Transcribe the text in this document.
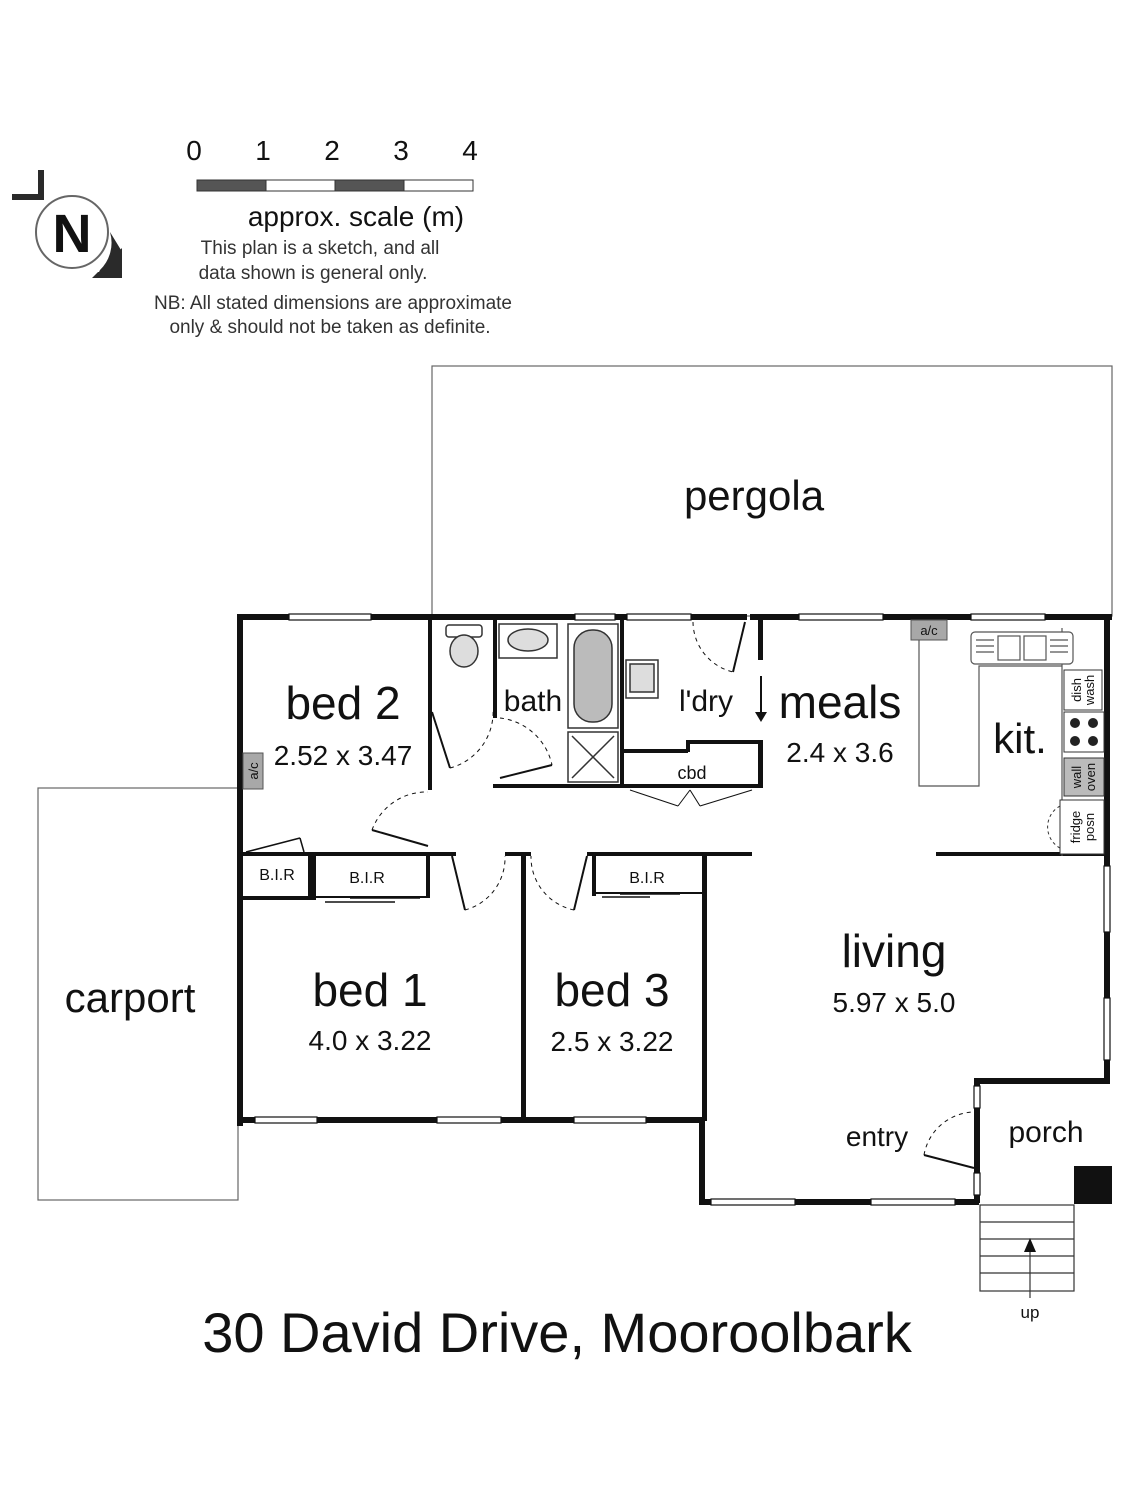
0 1 2 3 4
approx. scale (m)
This plan is a sketch, and all
data shown is general only.
NB: All stated dimensions are approximate
only & should not be taken as definite.
N
dish
wash
wall oven
fridge posn
a/c
a/c
pergola
bed 2
2.52 x 3.47
bath	l'dry
cbd
meals
2.4 x 3.6 kit.
B.I.R	B.I.R	B.I.R
carport	bed 1
4.0 x 3.22
bed 3
2.5 x 3.22
living
5.97 x 5.0
entry	porch
up
30 David Drive, Mooroolbark
